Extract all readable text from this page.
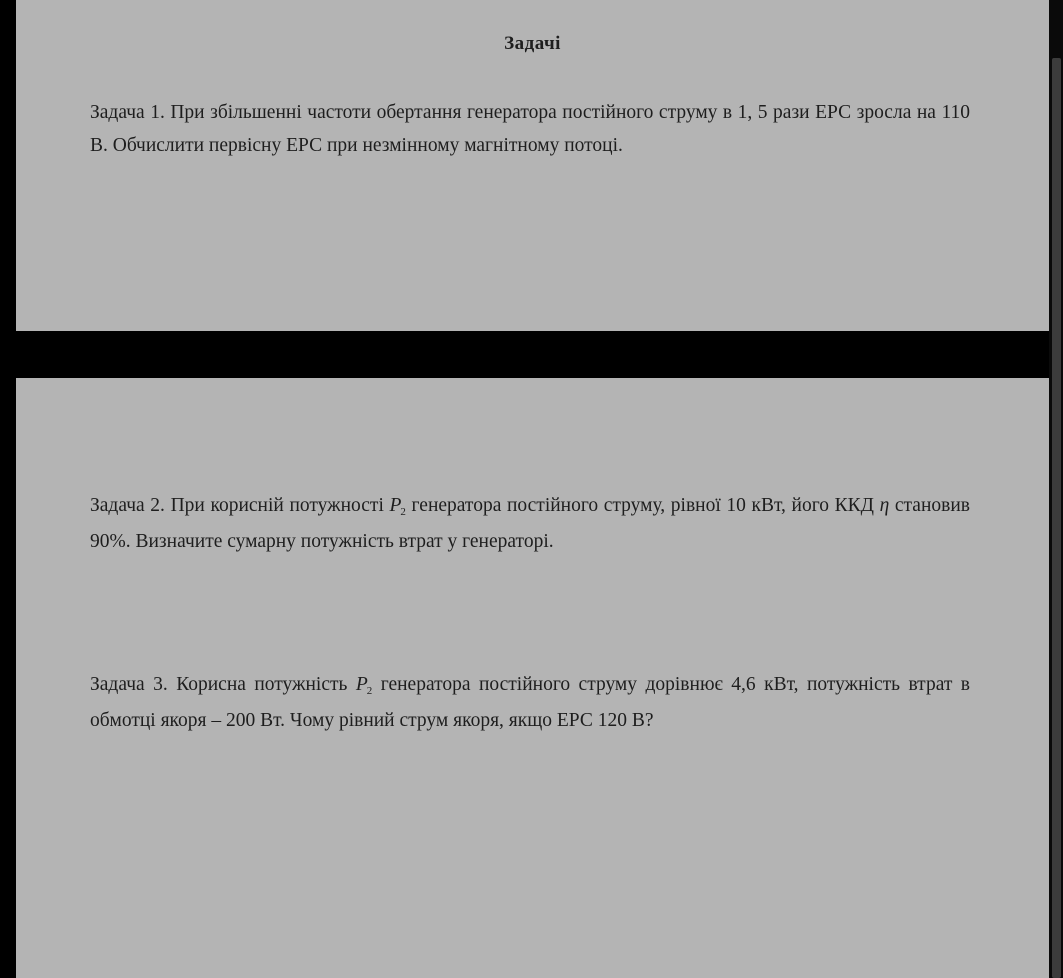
Задачі

Задача 1. При збільшенні частоти обертання генератора постійного струму в 1, 5 рази ЕРС зросла на 110 В. Обчислити первісну ЕРС при незмінному магнітному потоці.

Задача 2. При корисній потужності $P_2$ генератора постійного струму, рівної 10 кВт, його ККД η становив 90%. Визначите сумарну потужність втрат у генераторі.

Задача 3. Корисна потужність $P_2$ генератора постійного струму дорівнює 4,6 кВт, потужність втрат в обмотці якоря – 200 Вт. Чому рівний струм якоря, якщо ЕРС 120 В?
